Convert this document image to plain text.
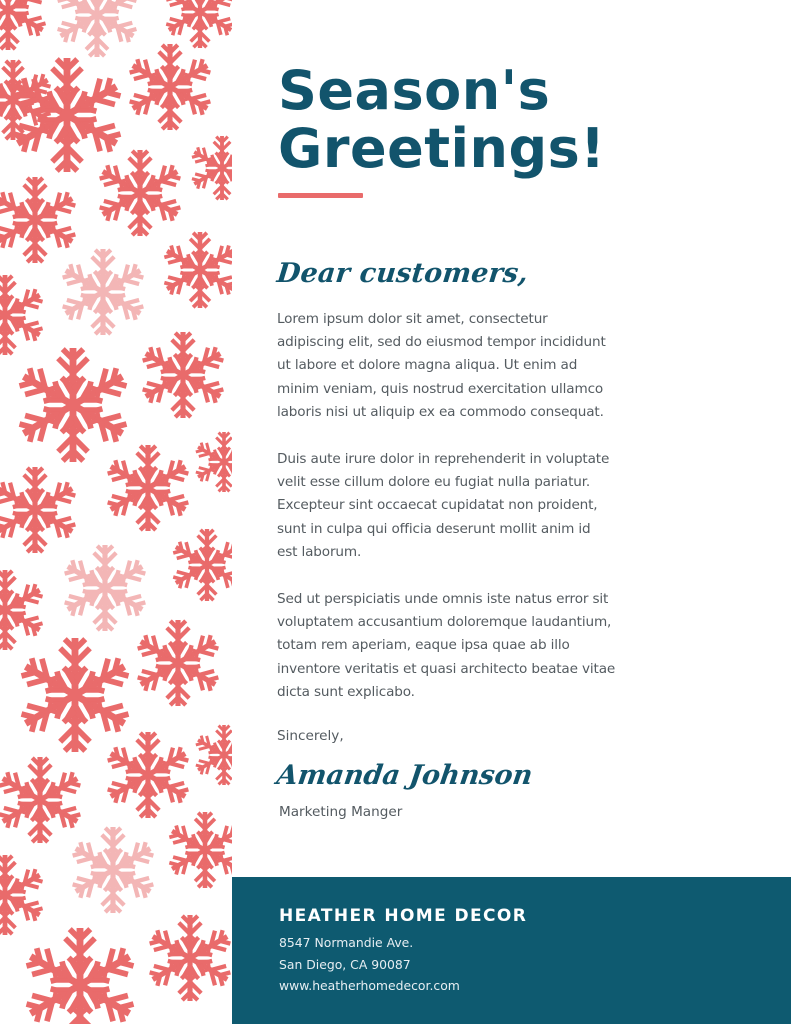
Season's
Greetings!
Dear customers,
Lorem ipsum dolor sit amet, consectetur
adipiscing elit, sed do eiusmod tempor incididunt
ut labore et dolore magna aliqua. Ut enim ad
minim veniam, quis nostrud exercitation ullamco
laboris nisi ut aliquip ex ea commodo consequat.
Duis aute irure dolor in reprehenderit in voluptate
velit esse cillum dolore eu fugiat nulla pariatur.
Excepteur sint occaecat cupidatat non proident,
sunt in culpa qui officia deserunt mollit anim id
est laborum.
Sed ut perspiciatis unde omnis iste natus error sit
voluptatem accusantium doloremque laudantium,
totam rem aperiam, eaque ipsa quae ab illo
inventore veritatis et quasi architecto beatae vitae
dicta sunt explicabo.
Sincerely,
Amanda Johnson
Marketing Manger
HEATHER HOME DECOR
8547 Normandie Ave.
San Diego, CA 90087
www.heatherhomedecor.com
